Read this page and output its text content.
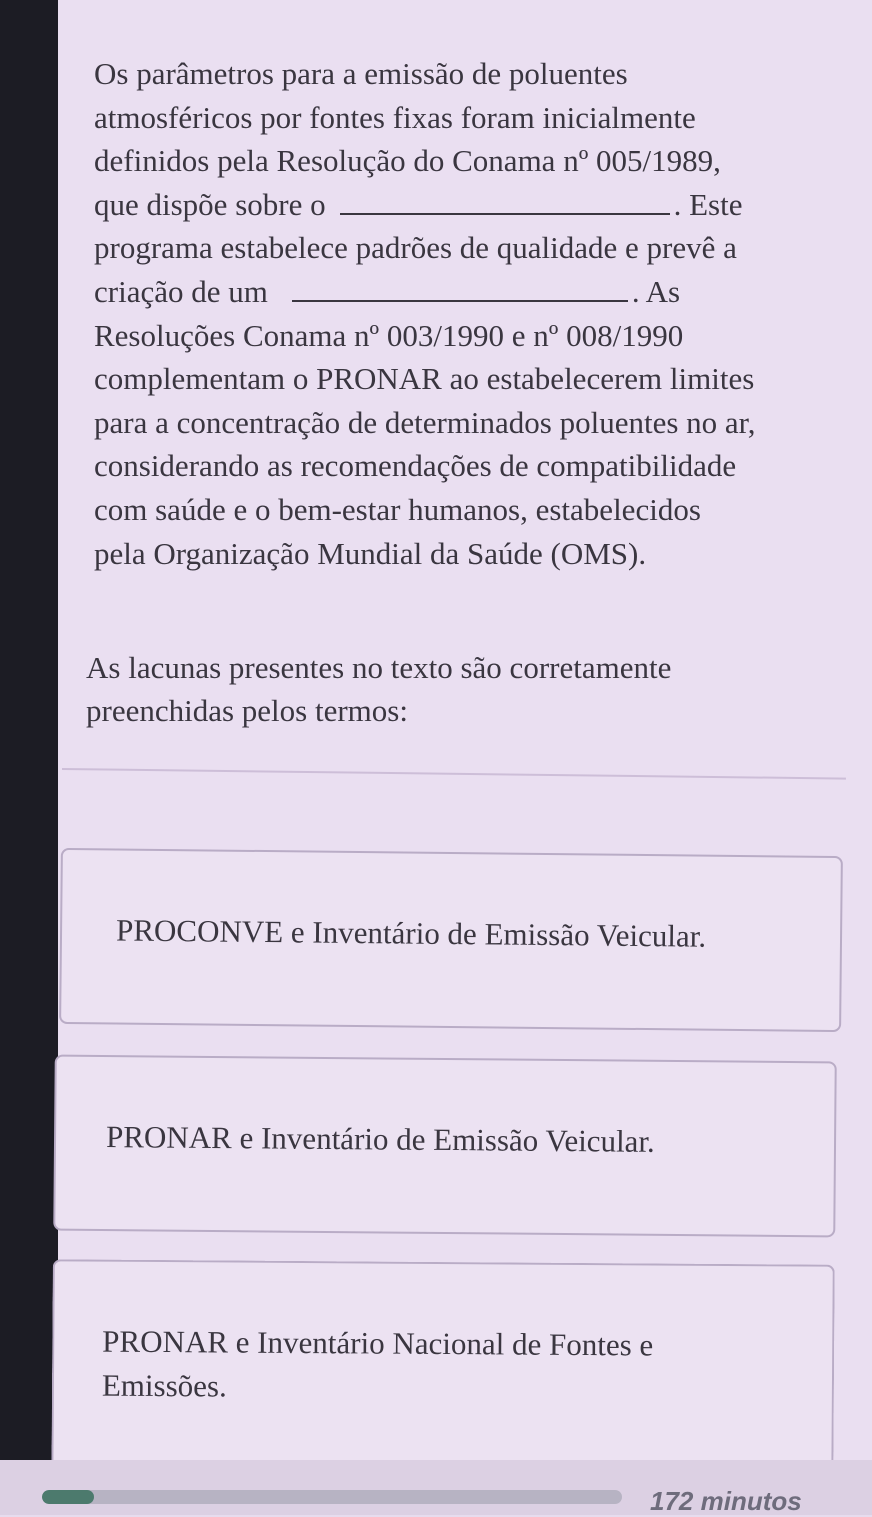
Os parâmetros para a emissão de poluentes

atmosféricos por fontes fixas foram inicialmente

definidos pela Resolução do Conama nº 005/1989,

que dispõe sobre o	. Este

programa estabelece padrões de qualidade e prevê a

criação de um	. As

Resoluções Conama nº 003/1990 e nº 008/1990

complementam o PRONAR ao estabelecerem limites

para a concentração de determinados poluentes no ar,

considerando as recomendações de compatibilidade

com saúde e o bem-estar humanos, estabelecidos

pela Organização Mundial da Saúde (OMS).

As lacunas presentes no texto são corretamente
preenchidas pelos termos:
PROCONVE e Inventário de Emissão Veicular.
PRONAR e Inventário de Emissão Veicular.
PRONAR e Inventário Nacional de Fontes e
Emissões.
172 minutos
